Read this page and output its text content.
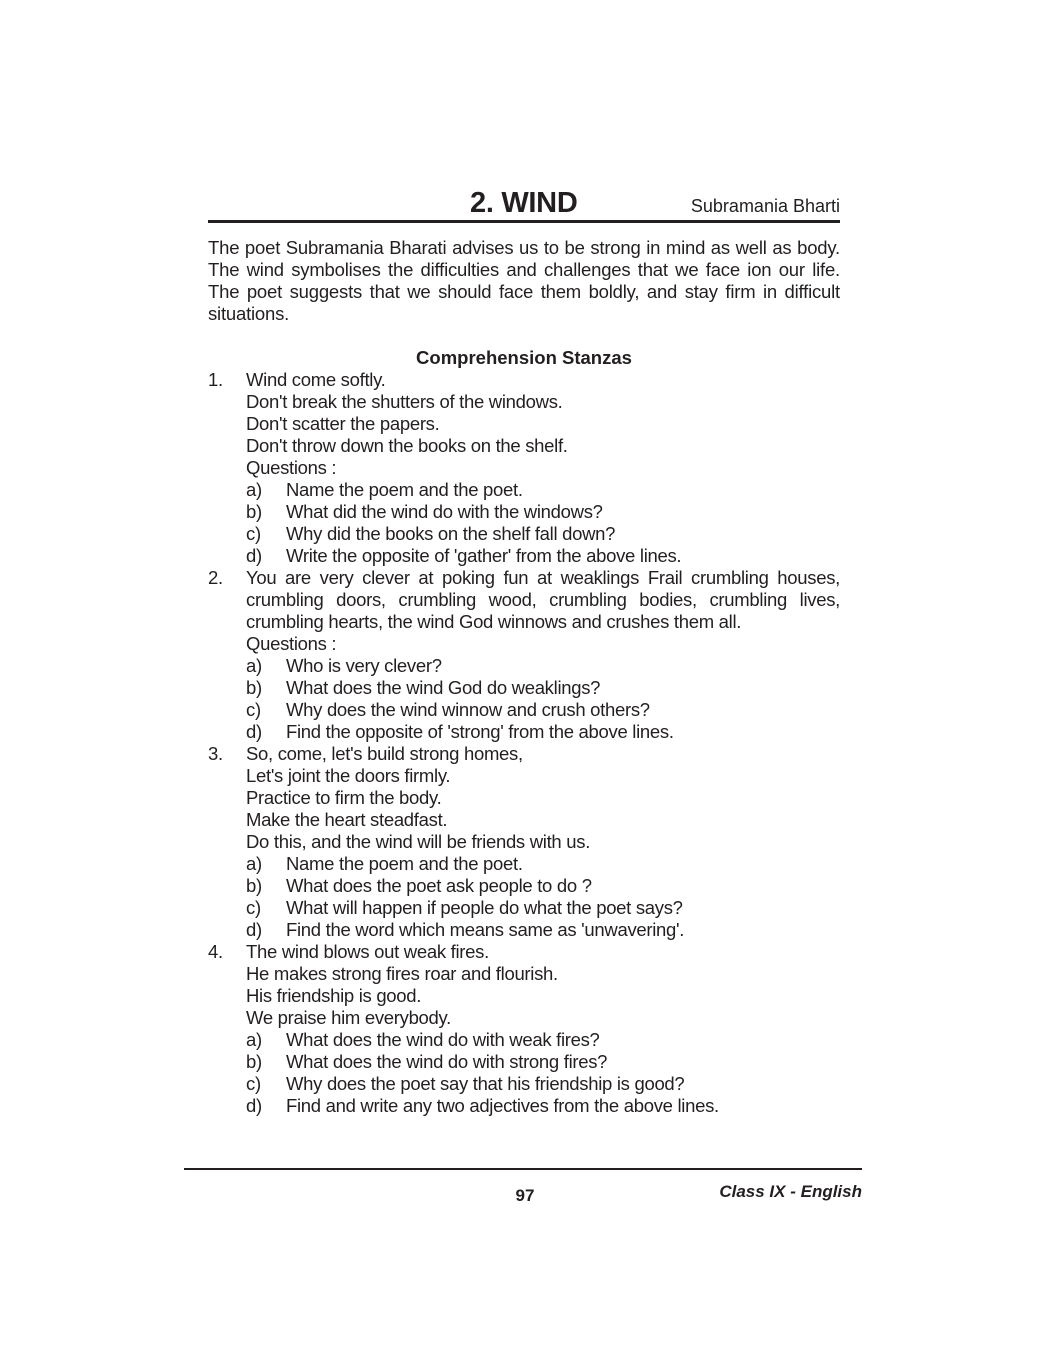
2. WIND	Subramania Bharti

The poet Subramania Bharati advises us to be strong in mind as well as body. The wind symbolises the difficulties and challenges that we face ion our life. The poet suggests that we should face them boldly, and stay firm in difficult situations.

Comprehension Stanzas
1.	Wind come softly.
Don't break the shutters of the windows.
Don't scatter the papers.
Don't throw down the books on the shelf.
Questions :
a) Name the poem and the poet.
b) What did the wind do with the windows?
c) Why did the books on the shelf fall down?
d) Write the opposite of 'gather' from the above lines.
2.	You are very clever at poking fun at weaklings Frail crumbling houses, crumbling doors, crumbling wood, crumbling bodies, crumbling lives, crumbling hearts, the wind God winnows and crushes them all.
Questions :
a) Who is very clever?
b) What does the wind God do weaklings?
c) Why does the wind winnow and crush others?
d) Find the opposite of 'strong' from the above lines.
3.	So, come, let's build strong homes,
Let's joint the doors firmly.
Practice to firm the body.
Make the heart steadfast.
Do this, and the wind will be friends with us.
a) Name the poem and the poet.
b) What does the poet ask people to do ?
c) What will happen if people do what the poet says?
d) Find the word which means same as 'unwavering'.
4.	The wind blows out weak fires.
He makes strong fires roar and flourish.
His friendship is good.
We praise him everybody.
a) What does the wind do with weak fires?
b) What does the wind do with strong fires?
c) Why does the poet say that his friendship is good?
d) Find and write any two adjectives from the above lines.
97	Class IX - English
